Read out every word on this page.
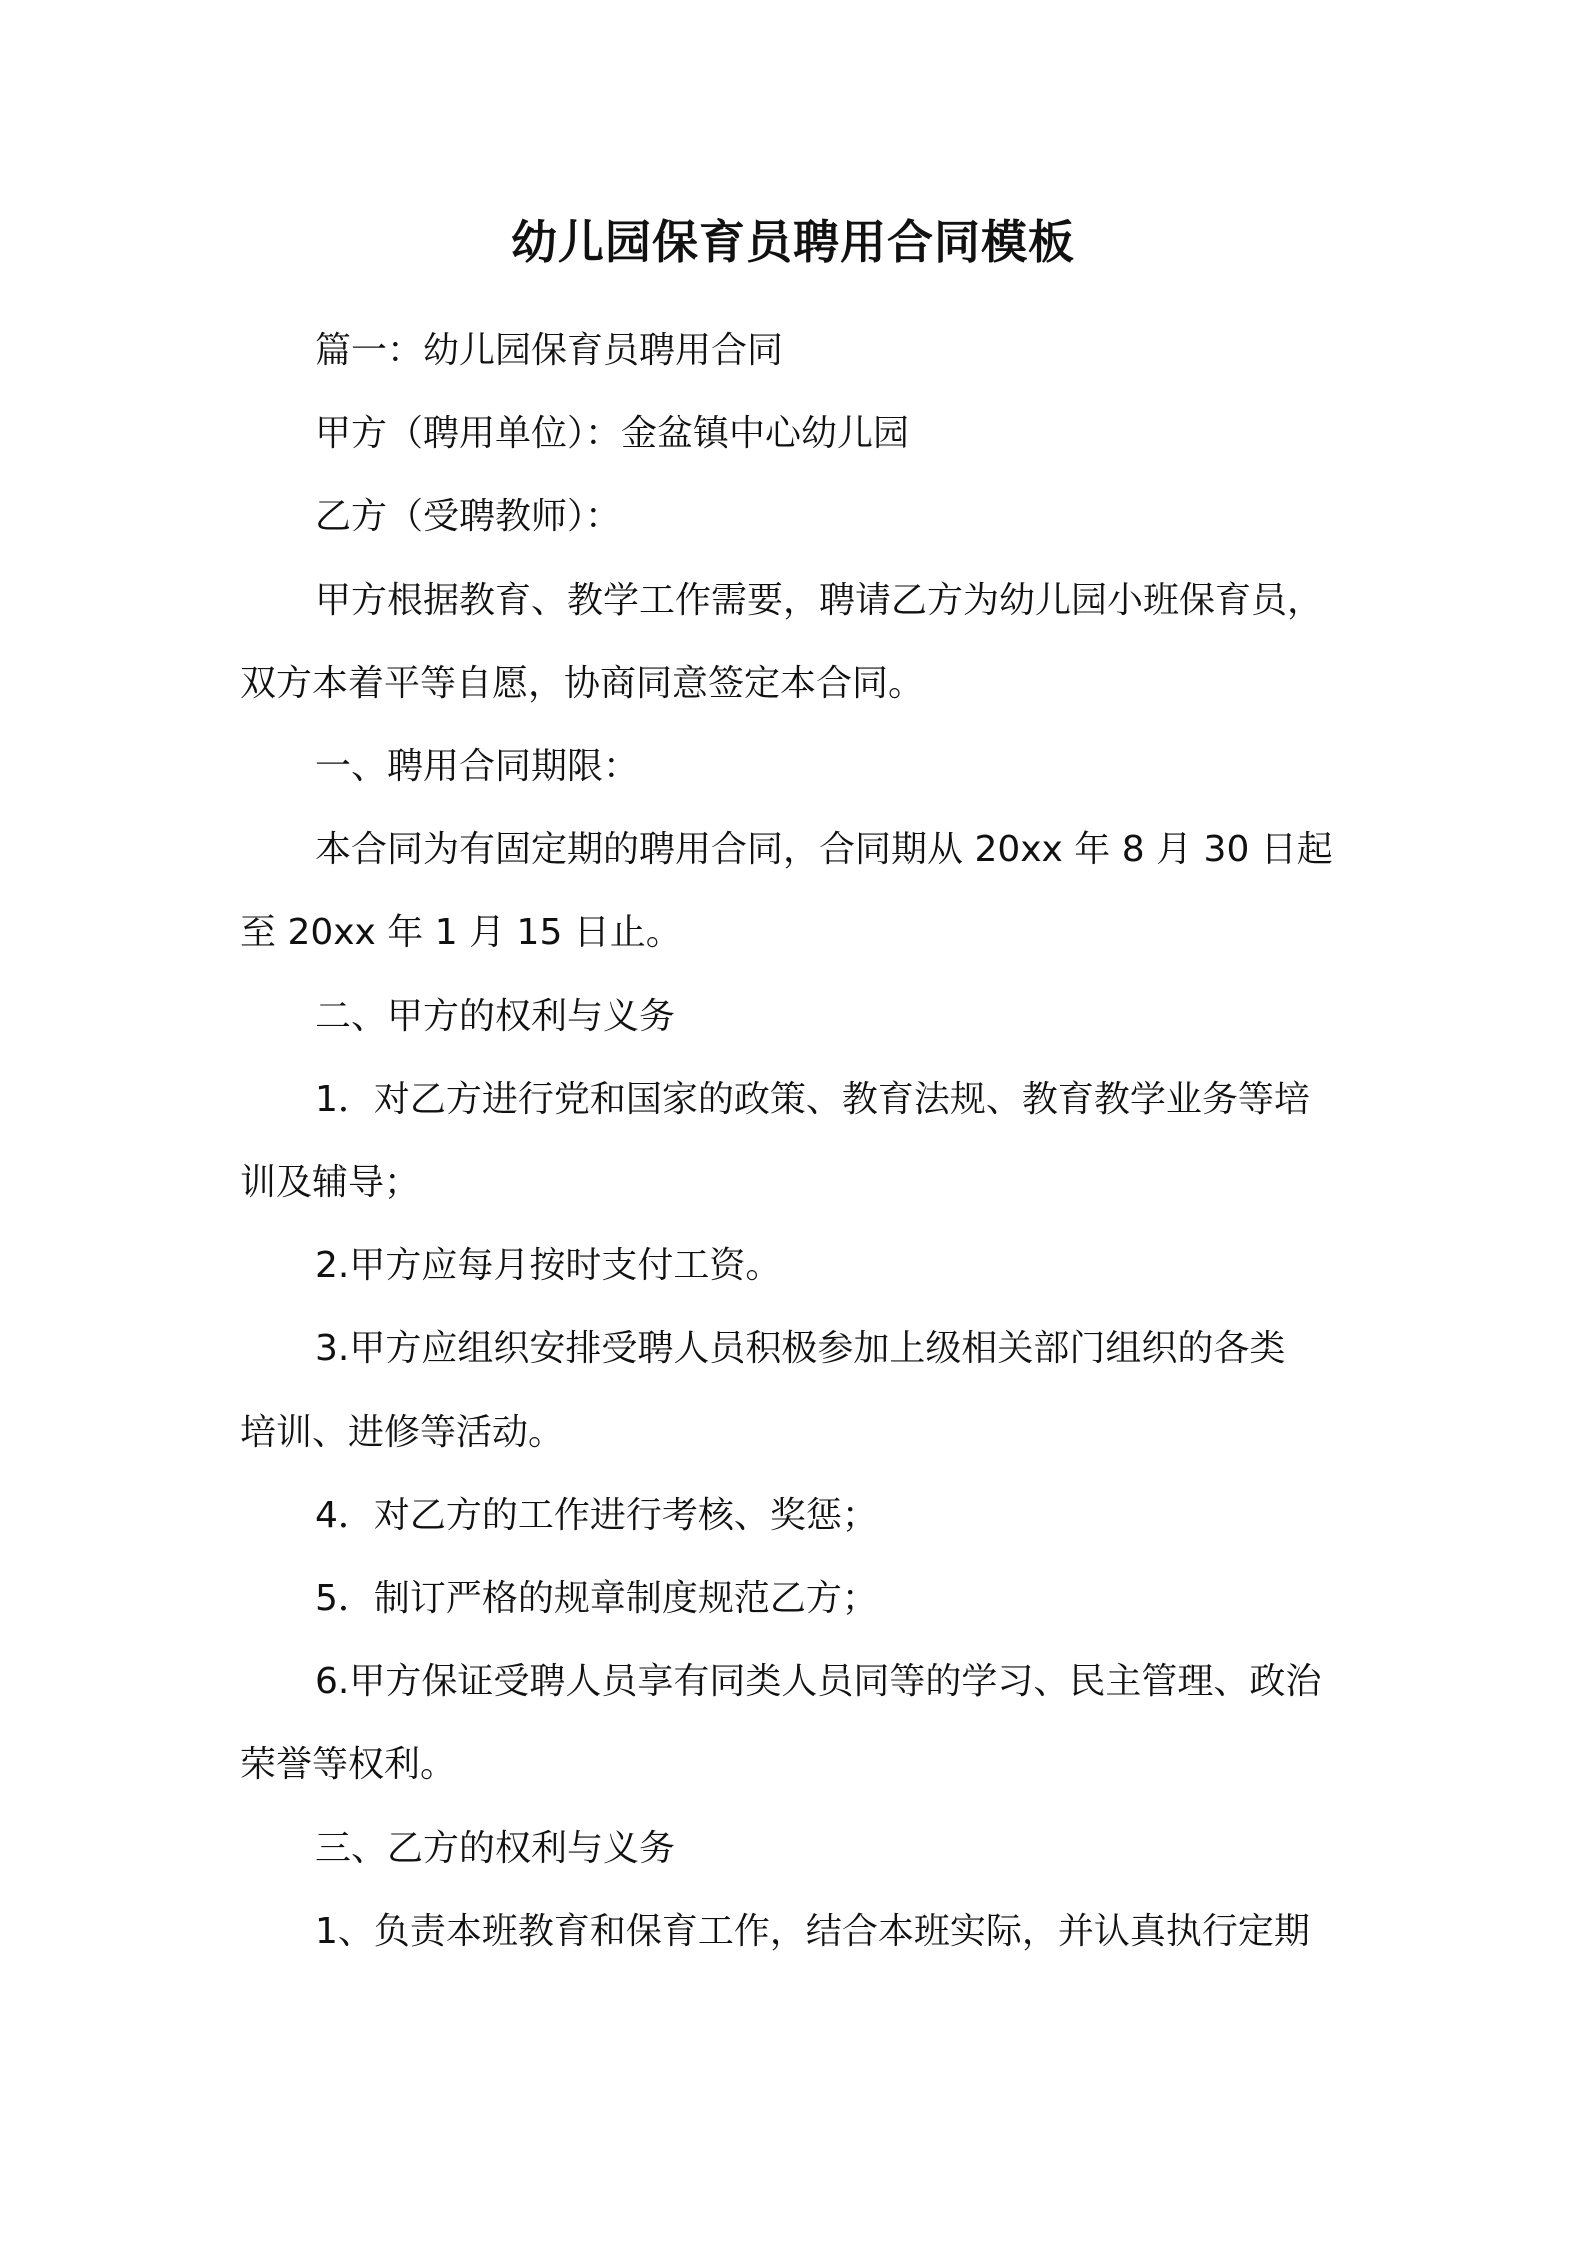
幼儿园保育员聘用合同模板
篇一：幼儿园保育员聘用合同
甲方（聘用单位）：金盆镇中心幼儿园
乙方（受聘教师）：
甲方根据教育、教学工作需要，聘请乙方为幼儿园小班保育员，
双方本着平等自愿，协商同意签定本合同。
一、聘用合同期限：
本合同为有固定期的聘用合同，合同期从 20xx 年 8 月 30 日起
至 20xx 年 1 月 15 日止。
二、甲方的权利与义务
1．对乙方进行党和国家的政策、教育法规、教育教学业务等培
训及辅导；
2.甲方应每月按时支付工资。
3.甲方应组织安排受聘人员积极参加上级相关部门组织的各类
培训、进修等活动。
4．对乙方的工作进行考核、奖惩；
5．制订严格的规章制度规范乙方；
6.甲方保证受聘人员享有同类人员同等的学习、民主管理、政治
荣誉等权利。
三、乙方的权利与义务
1、负责本班教育和保育工作，结合本班实际，并认真执行定期
